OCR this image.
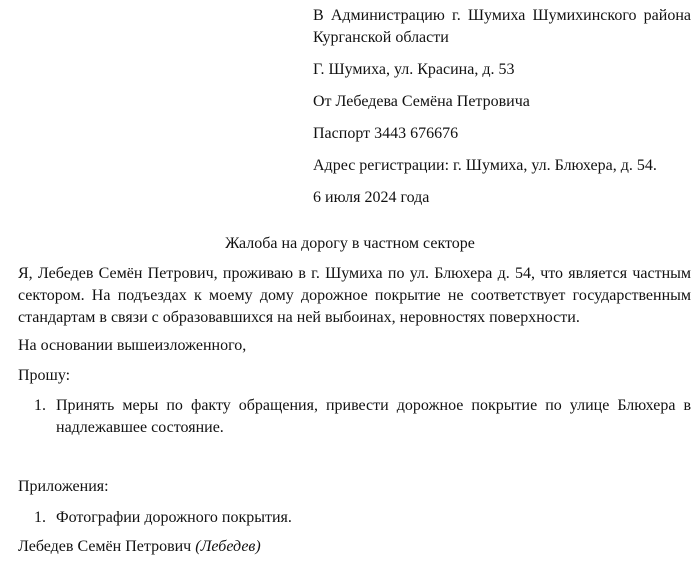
В Администрацию г. Шумиха Шумихинского района Курганской области

Г. Шумиха, ул. Красина, д. 53

От Лебедева Семёна Петровича

Паспорт 3443 676676

Адрес регистрации: г. Шумиха, ул. Блюхера, д. 54.

6 июля 2024 года

Жалоба на дорогу в частном секторе

Я, Лебедев Семён Петрович, проживаю в г. Шумиха по ул. Блюхера д. 54, что является частным сектором. На подъездах к моему дому дорожное покрытие не соответствует государственным стандартам в связи с образовавшихся на ней выбоинах, неровностях поверхности.

На основании вышеизложенного,
Прошу:
1. Принять меры по факту обращения, привести дорожное покрытие по улице Блюхера в надлежавшее состояние.
Приложения:
1. Фотографии дорожного покрытия.
Лебедев Семён Петрович (Лебедев)
